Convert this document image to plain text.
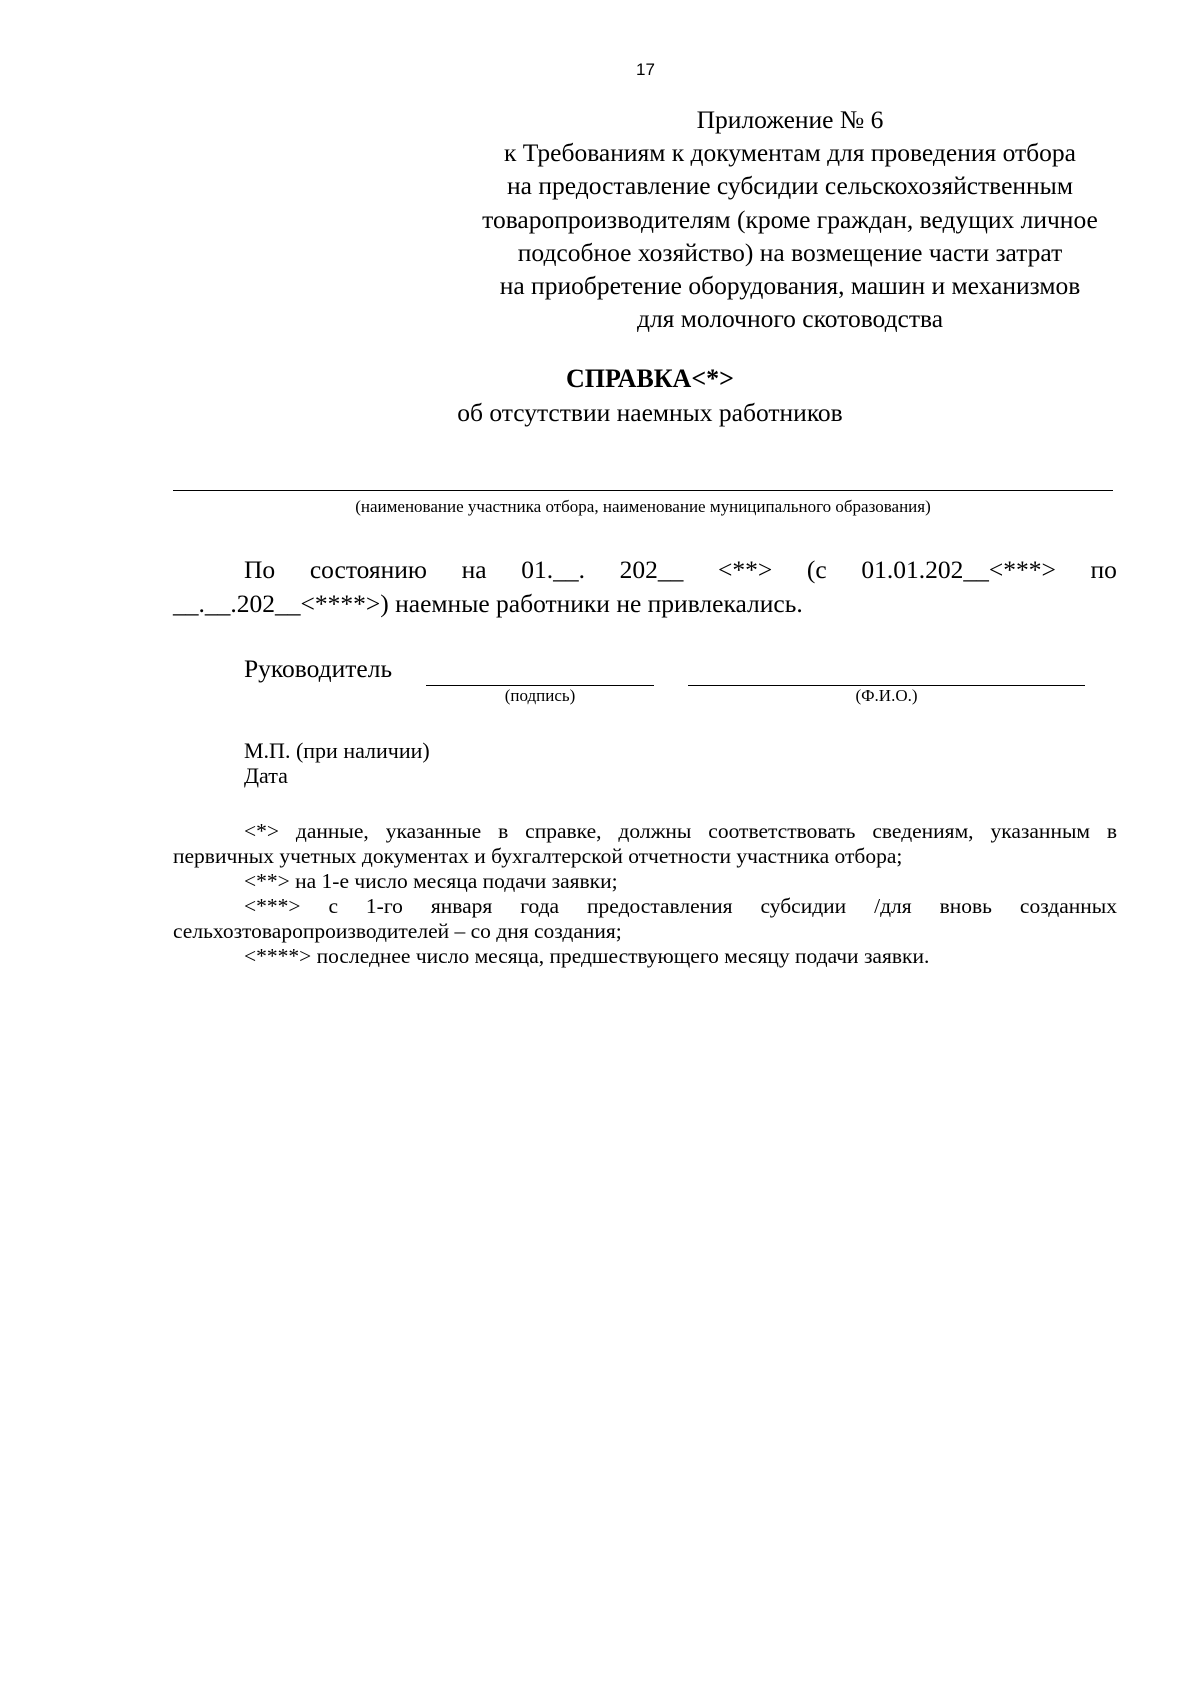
17
Приложение № 6
к Требованиям к документам для проведения отбора
на предоставление субсидии сельскохозяйственным
товаропроизводителям (кроме граждан, ведущих личное
подсобное хозяйство) на возмещение части затрат
на приобретение оборудования, машин и механизмов
для молочного скотоводства
СПРАВКА<*>
об отсутствии наемных работников
(наименование участника отбора, наименование муниципального образования)
По состоянию на 01.__. 202__ <**> (с 01.01.202__<***> по
__.__.202__<****>) наемные работники не привлекались.
Руководитель
(подпись)	(Ф.И.О.)
М.П. (при наличии)
Дата
<*> данные, указанные в справке, должны соответствовать сведениям, указанным в
первичных учетных документах и бухгалтерской отчетности участника отбора;
<**> на 1-е число месяца подачи заявки;
<***> с 1-го января года предоставления субсидии /для вновь созданных
сельхозтоваропроизводителей – со дня создания;
<****> последнее число месяца, предшествующего месяцу подачи заявки.
